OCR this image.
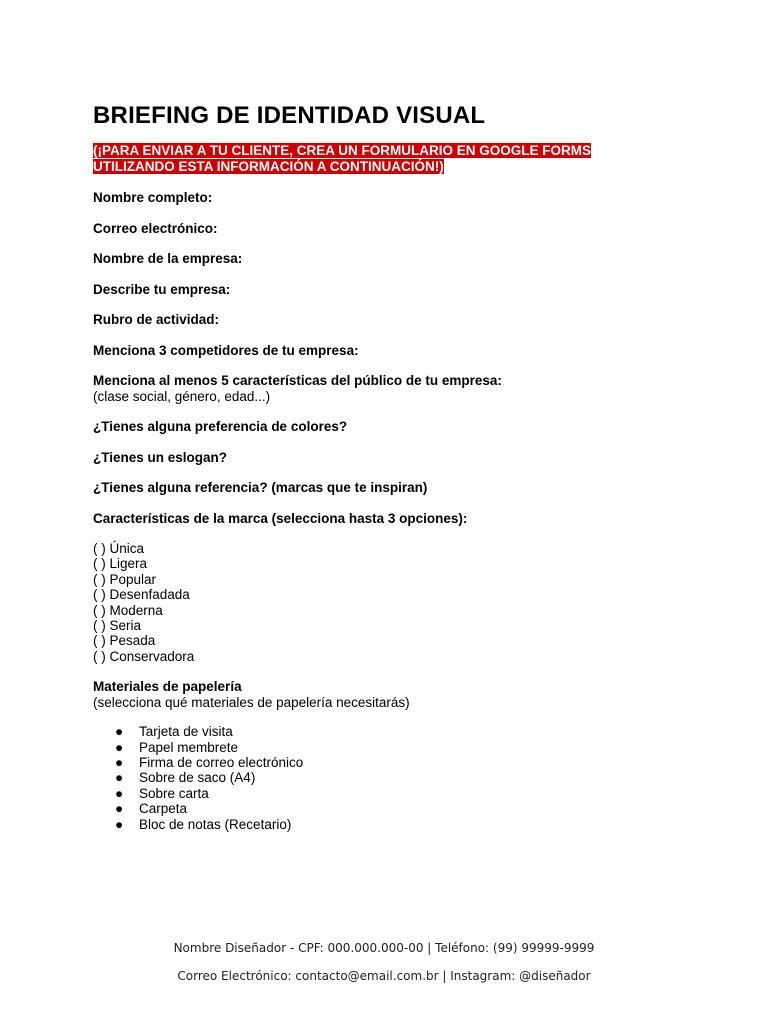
BRIEFING DE IDENTIDAD VISUAL
(¡PARA ENVIAR A TU CLIENTE, CREA UN FORMULARIO EN GOOGLE FORMS UTILIZANDO ESTA INFORMACIÓN A CONTINUACIÓN!)
Nombre completo:
Correo electrónico:
Nombre de la empresa:
Describe tu empresa:
Rubro de actividad:
Menciona 3 competidores de tu empresa:
Menciona al menos 5 características del público de tu empresa:
(clase social, género, edad...)
¿Tienes alguna preferencia de colores?
¿Tienes un eslogan?
¿Tienes alguna referencia? (marcas que te inspiran)
Características de la marca (selecciona hasta 3 opciones):
( ) Única
( ) Ligera
( ) Popular
( ) Desenfadada
( ) Moderna
( ) Seria
( ) Pesada
( ) Conservadora
Materiales de papelería
(selecciona qué materiales de papelería necesitarás)
● Tarjeta de visita
● Papel membrete
● Firma de correo electrónico
● Sobre de saco (A4)
● Sobre carta
● Carpeta
● Bloc de notas (Recetario)
Nombre Diseñador - CPF: 000.000.000-00 | Teléfono: (99) 99999-9999
Correo Electrónico: contacto@email.com.br | Instagram: @diseñador
